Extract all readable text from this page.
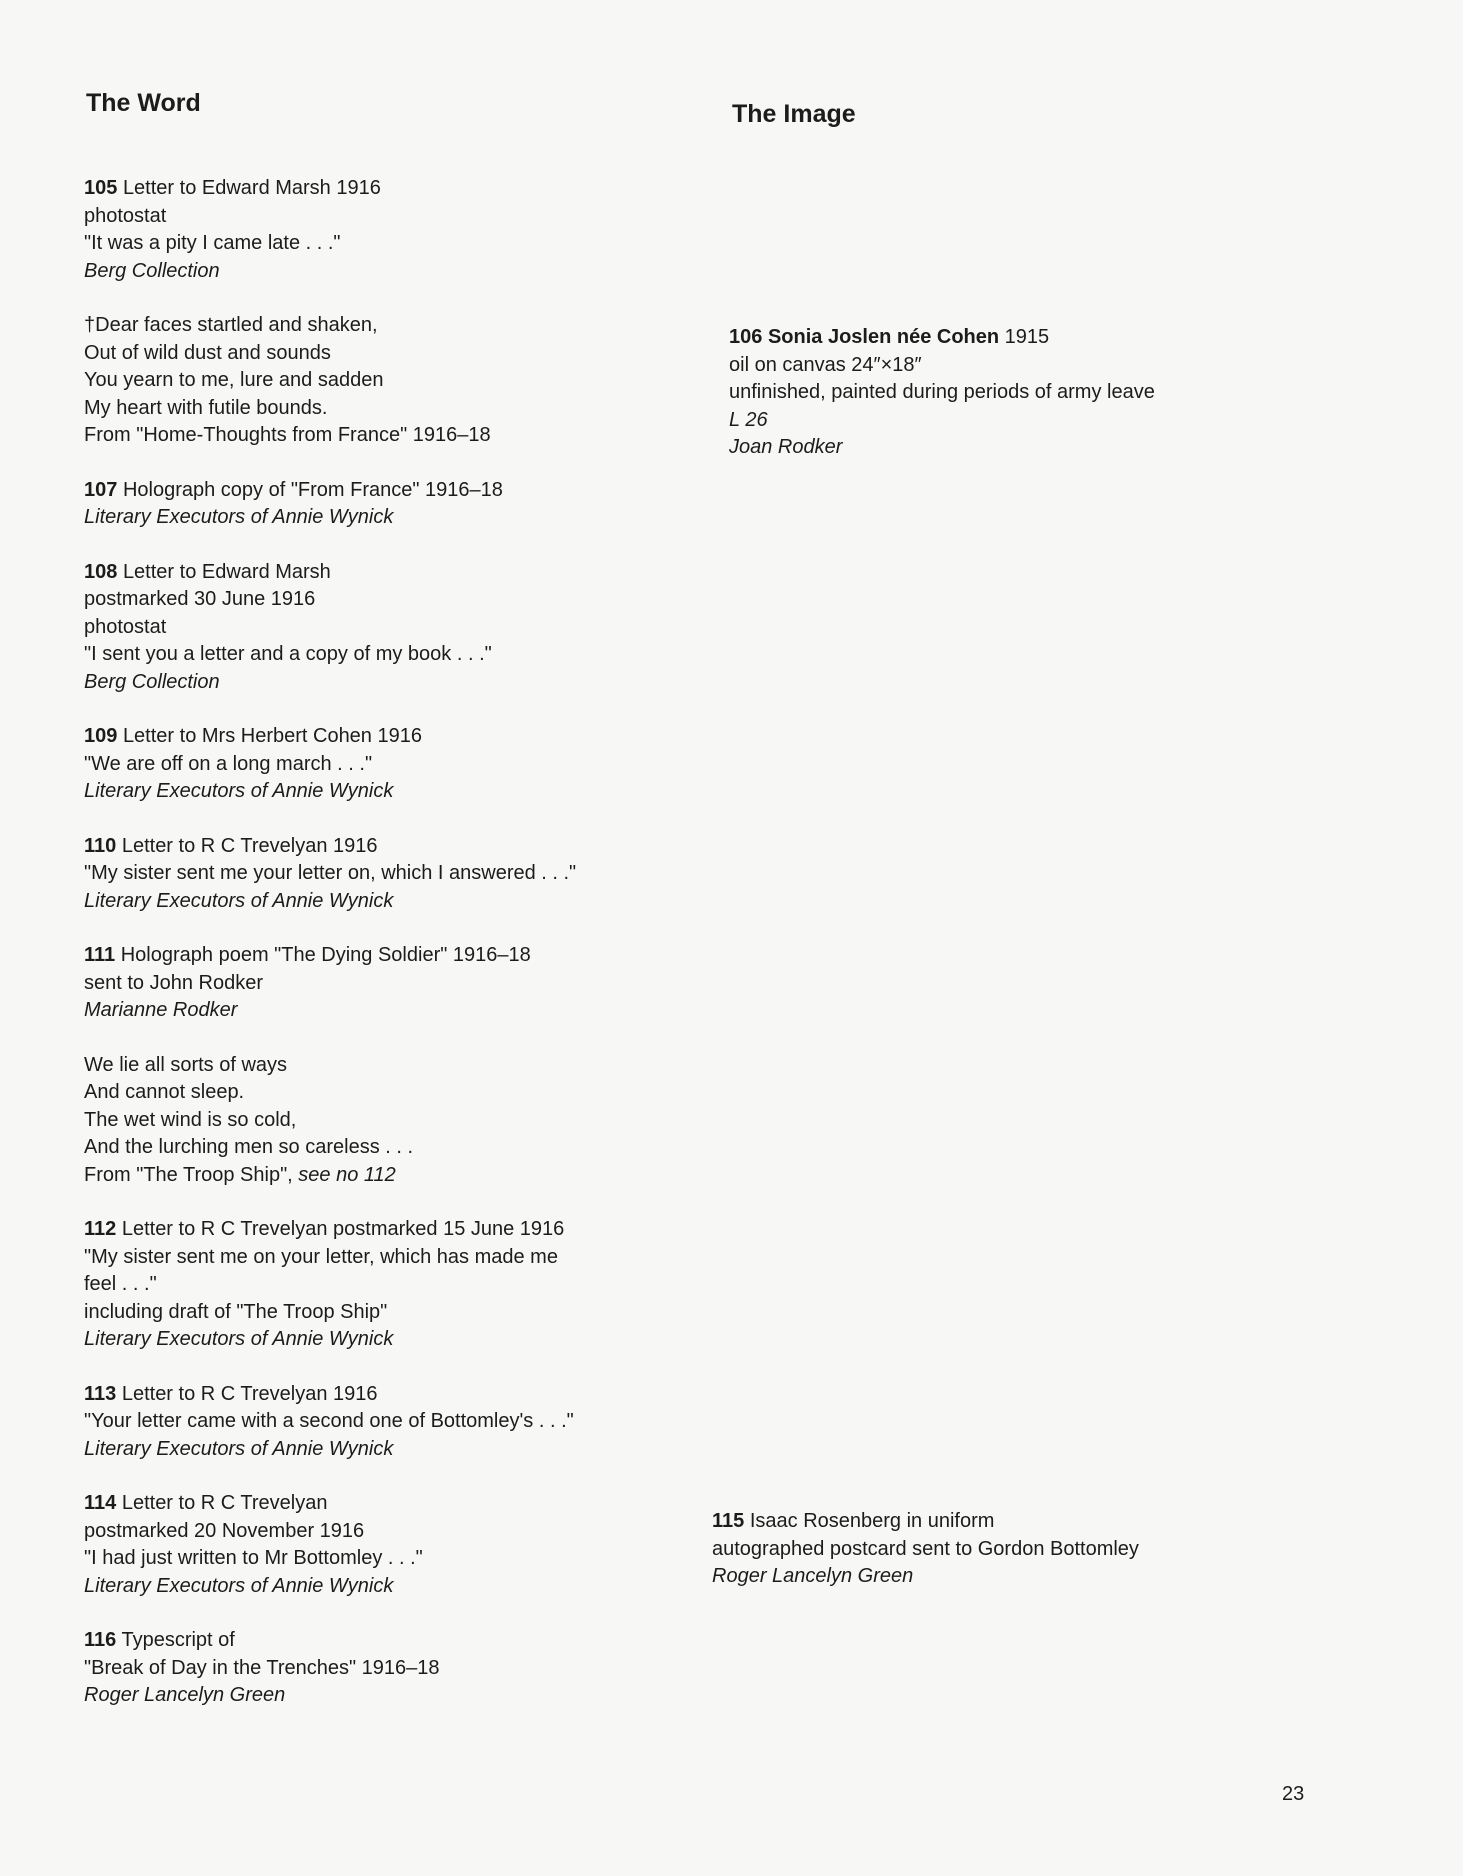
The Word	The Image

105 Letter to Edward Marsh 1916

photostat

"It was a pity I came late . . ."

Berg Collection

†Dear faces startled and shaken,

Out of wild dust and sounds

You yearn to me, lure and sadden

My heart with futile bounds.

From "Home-Thoughts from France" 1916–18

107 Holograph copy of "From France" 1916–18

Literary Executors of Annie Wynick

108 Letter to Edward Marsh

postmarked 30 June 1916

photostat

"I sent you a letter and a copy of my book . . ."

Berg Collection

109 Letter to Mrs Herbert Cohen 1916

"We are off on a long march . . ."

Literary Executors of Annie Wynick

110 Letter to R C Trevelyan 1916

"My sister sent me your letter on, which I answered . . ."

Literary Executors of Annie Wynick

111 Holograph poem "The Dying Soldier" 1916–18

sent to John Rodker

Marianne Rodker

We lie all sorts of ways

And cannot sleep.

The wet wind is so cold,

And the lurching men so careless . . .

From "The Troop Ship", see no 112

112 Letter to R C Trevelyan postmarked 15 June 1916

"My sister sent me on your letter, which has made me

feel . . ."

including draft of "The Troop Ship"

Literary Executors of Annie Wynick

113 Letter to R C Trevelyan 1916

"Your letter came with a second one of Bottomley's . . ."

Literary Executors of Annie Wynick

114 Letter to R C Trevelyan

postmarked 20 November 1916

"I had just written to Mr Bottomley . . ."

Literary Executors of Annie Wynick

116 Typescript of

"Break of Day in the Trenches" 1916–18

Roger Lancelyn Green

106 Sonia Joslen née Cohen 1915

oil on canvas 24″×18″

unfinished, painted during periods of army leave

L 26

Joan Rodker

115 Isaac Rosenberg in uniform

autographed postcard sent to Gordon Bottomley

Roger Lancelyn Green

23
